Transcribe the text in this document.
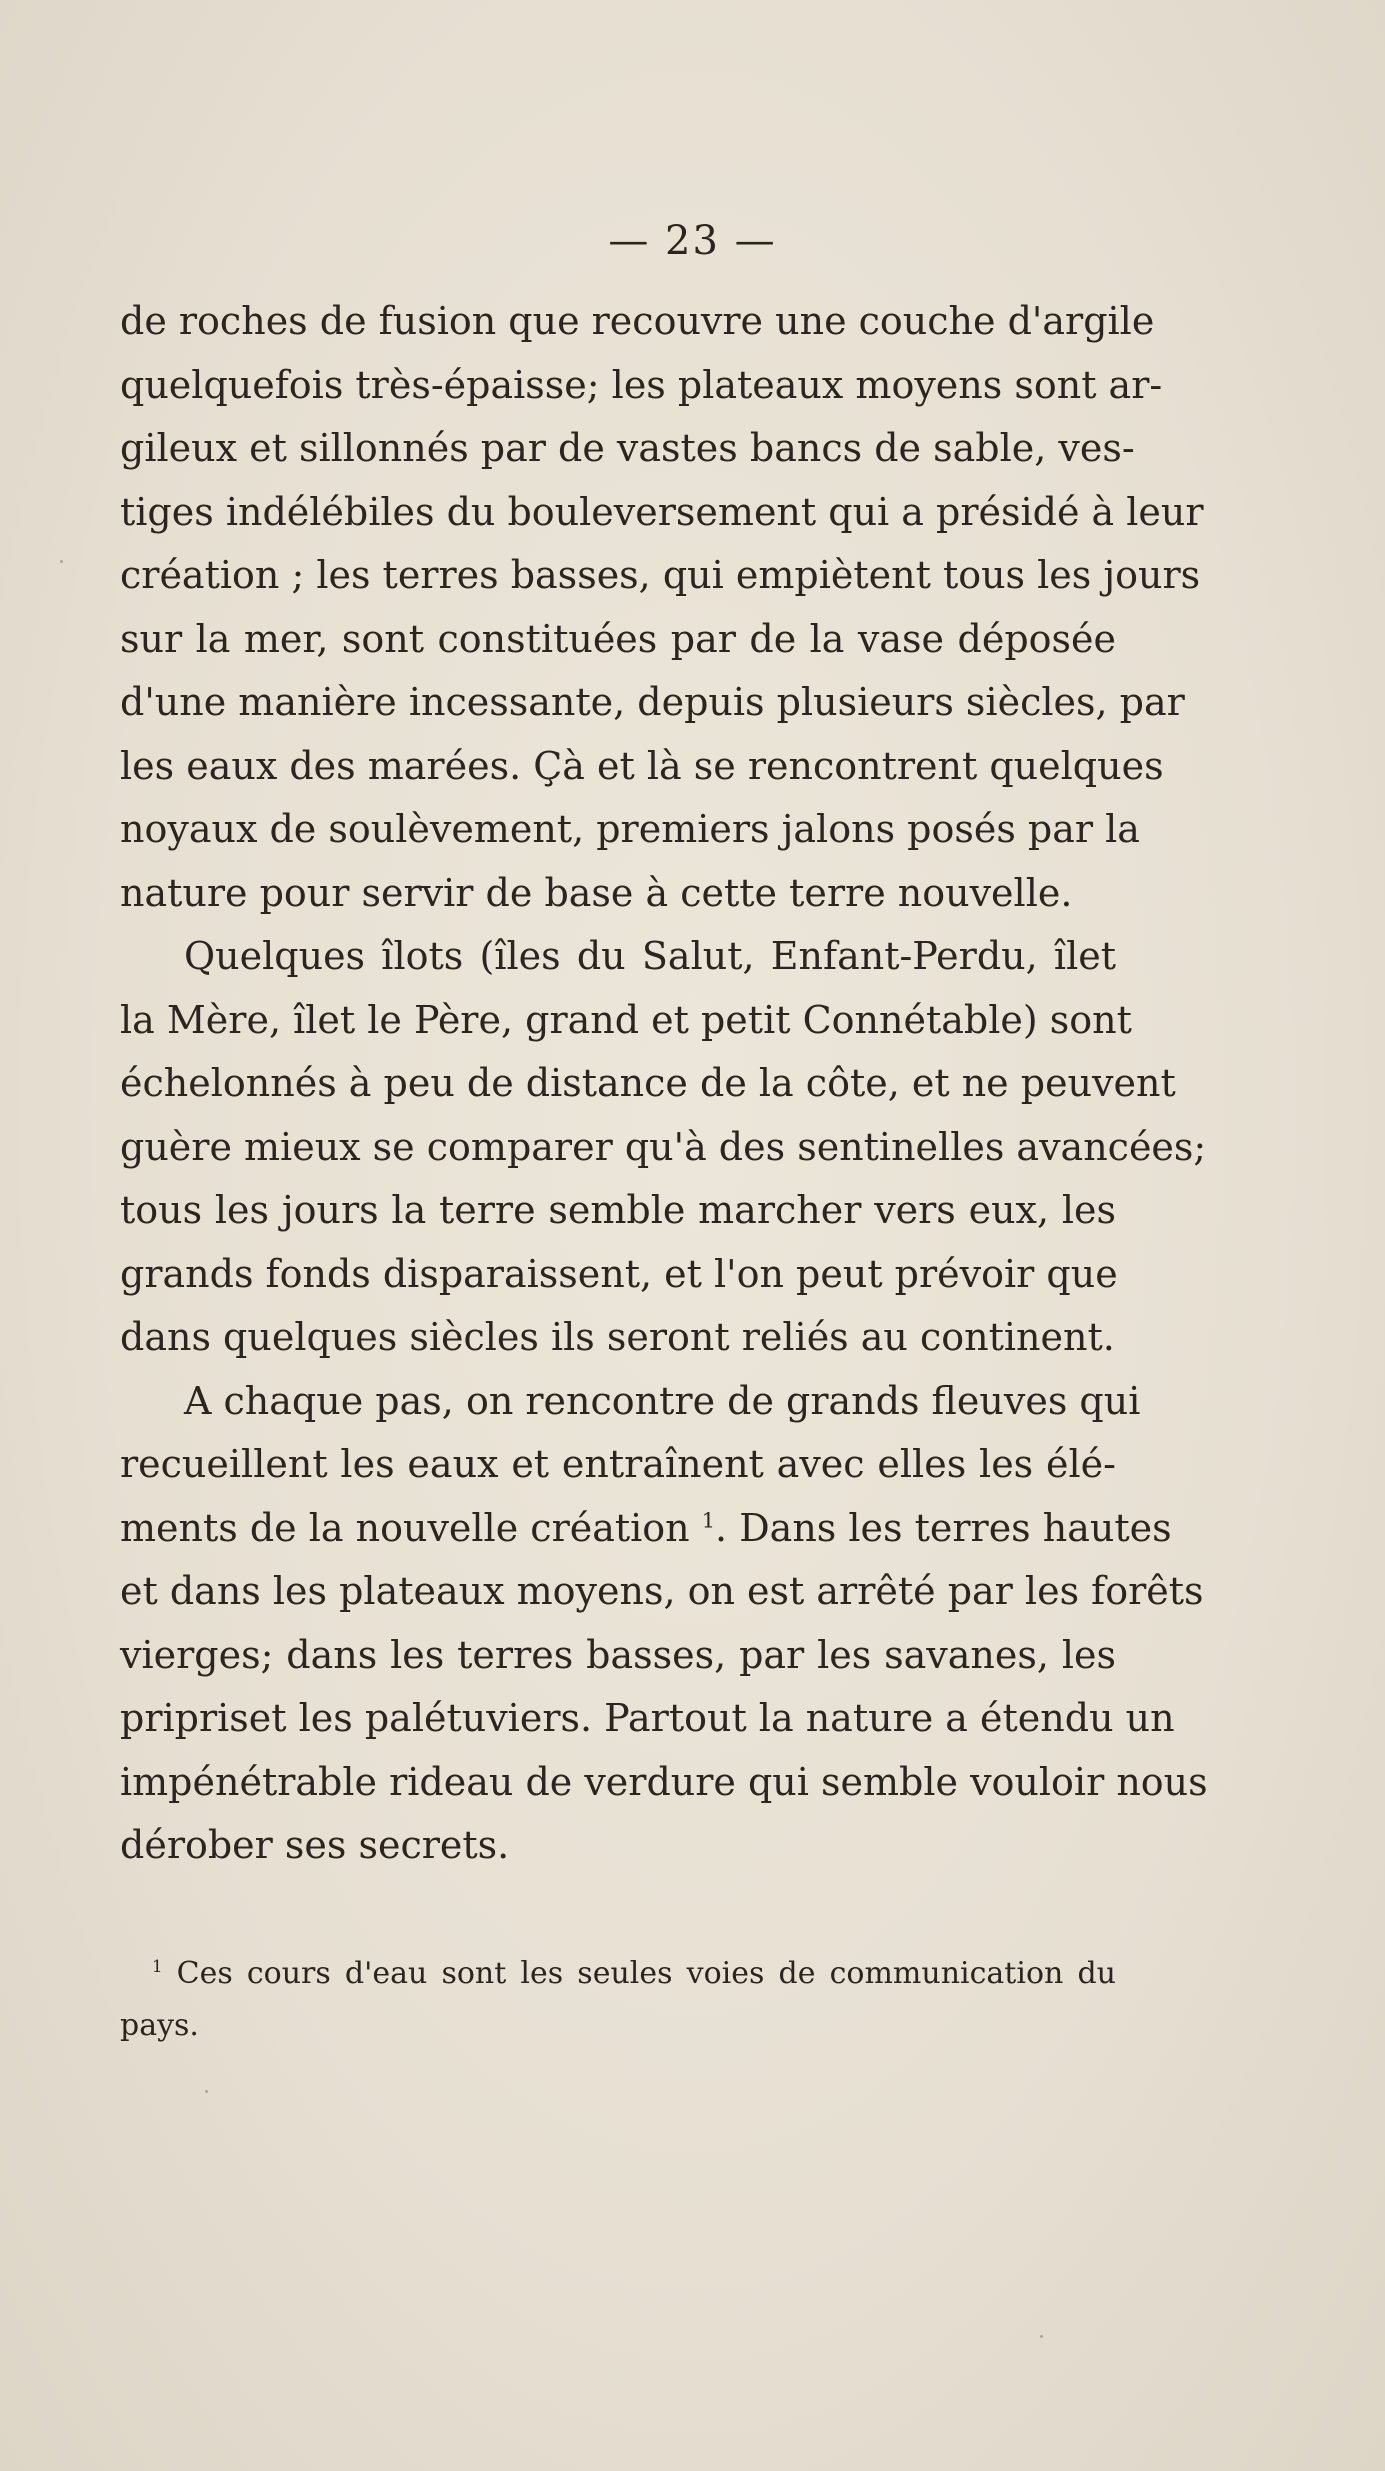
— 23 —
de roches de fusion que recouvre une couche d'argile
quelquefois très-épaisse; les plateaux moyens sont ar-
gileux et sillonnés par de vastes bancs de sable, ves-
tiges indélébiles du bouleversement qui a présidé à leur
création ; les terres basses, qui empiètent tous les jours
sur la mer, sont constituées par de la vase déposée
d'une manière incessante, depuis plusieurs siècles, par
les eaux des marées. Çà et là se rencontrent quelques
noyaux de soulèvement, premiers jalons posés par la
nature pour servir de base à cette terre nouvelle.
Quelques îlots (îles du Salut, Enfant-Perdu, îlet
la Mère, îlet le Père, grand et petit Connétable) sont
échelonnés à peu de distance de la côte, et ne peuvent
guère mieux se comparer qu'à des sentinelles avancées;
tous les jours la terre semble marcher vers eux, les
grands fonds disparaissent, et l'on peut prévoir que
dans quelques siècles ils seront reliés au continent.
A chaque pas, on rencontre de grands fleuves qui
recueillent les eaux et entraînent avec elles les élé-
ments de la nouvelle création $^1$. Dans les terres hautes
et dans les plateaux moyens, on est arrêté par les forêts
vierges; dans les terres basses, par les savanes, les
pripriset les palétuviers. Partout la nature a étendu un
impénétrable rideau de verdure qui semble vouloir nous
dérober ses secrets.
$^1$ Ces cours d'eau sont les seules voies de communication du
pays.
